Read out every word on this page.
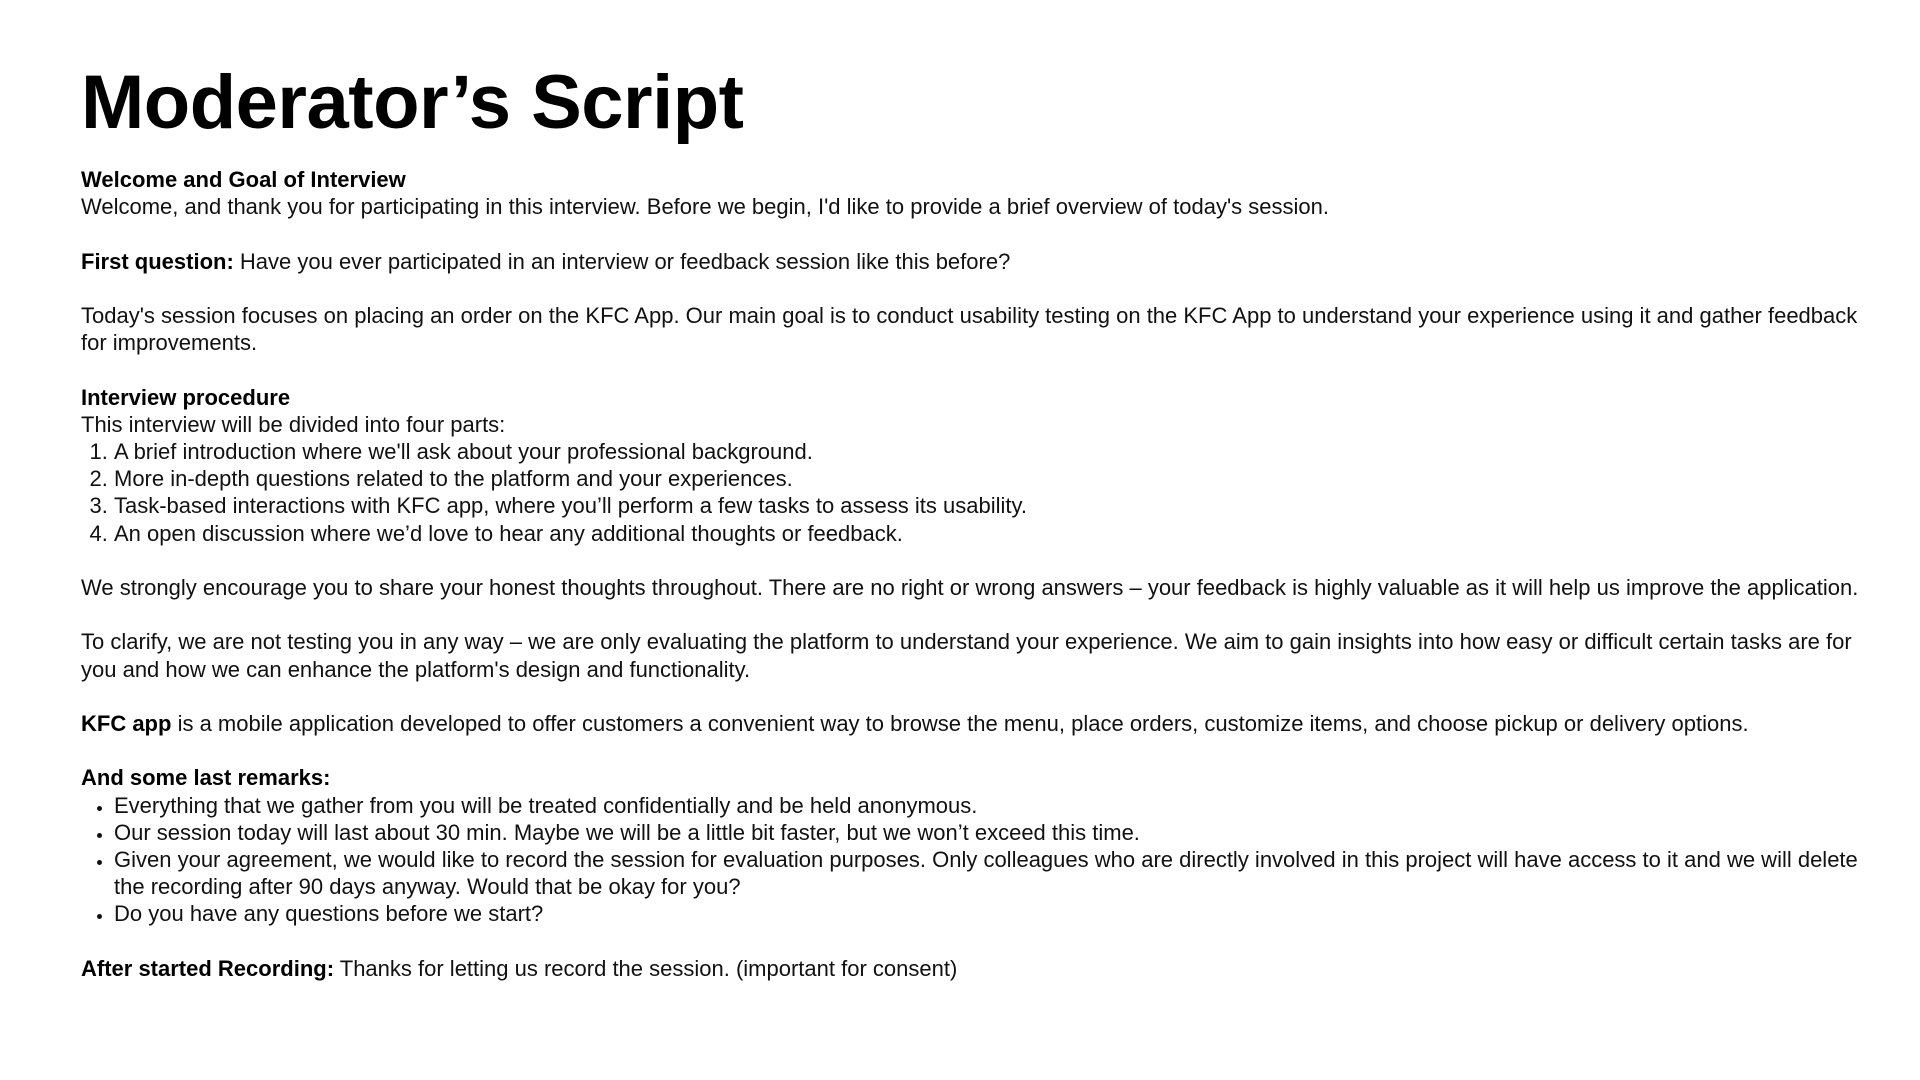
Moderator’s Script

Welcome and Goal of Interview

Welcome, and thank you for participating in this interview. Before we begin, I'd like to provide a brief overview of today's session.

First question: Have you ever participated in an interview or feedback session like this before?

Today's session focuses on placing an order on the KFC App. Our main goal is to conduct usability testing on the KFC App to understand your experience using it and gather feedback for improvements.

Interview procedure

This interview will be divided into four parts:

1. A brief introduction where we'll ask about your professional background.
2. More in-depth questions related to the platform and your experiences.
3. Task-based interactions with KFC app, where you’ll perform a few tasks to assess its usability.
4. An open discussion where we’d love to hear any additional thoughts or feedback.

We strongly encourage you to share your honest thoughts throughout. There are no right or wrong answers – your feedback is highly valuable as it will help us improve the application.

To clarify, we are not testing you in any way – we are only evaluating the platform to understand your experience. We aim to gain insights into how easy or difficult certain tasks are for you and how we can enhance the platform's design and functionality.

KFC app is a mobile application developed to offer customers a convenient way to browse the menu, place orders, customize items, and choose pickup or delivery options.

And some last remarks:

• Everything that we gather from you will be treated confidentially and be held anonymous.
• Our session today will last about 30 min. Maybe we will be a little bit faster, but we won’t exceed this time.
• Given your agreement, we would like to record the session for evaluation purposes. Only colleagues who are directly involved in this project will have access to it and we will delete the recording after 90 days anyway. Would that be okay for you?
• Do you have any questions before we start?

After started Recording: Thanks for letting us record the session. (important for consent)
